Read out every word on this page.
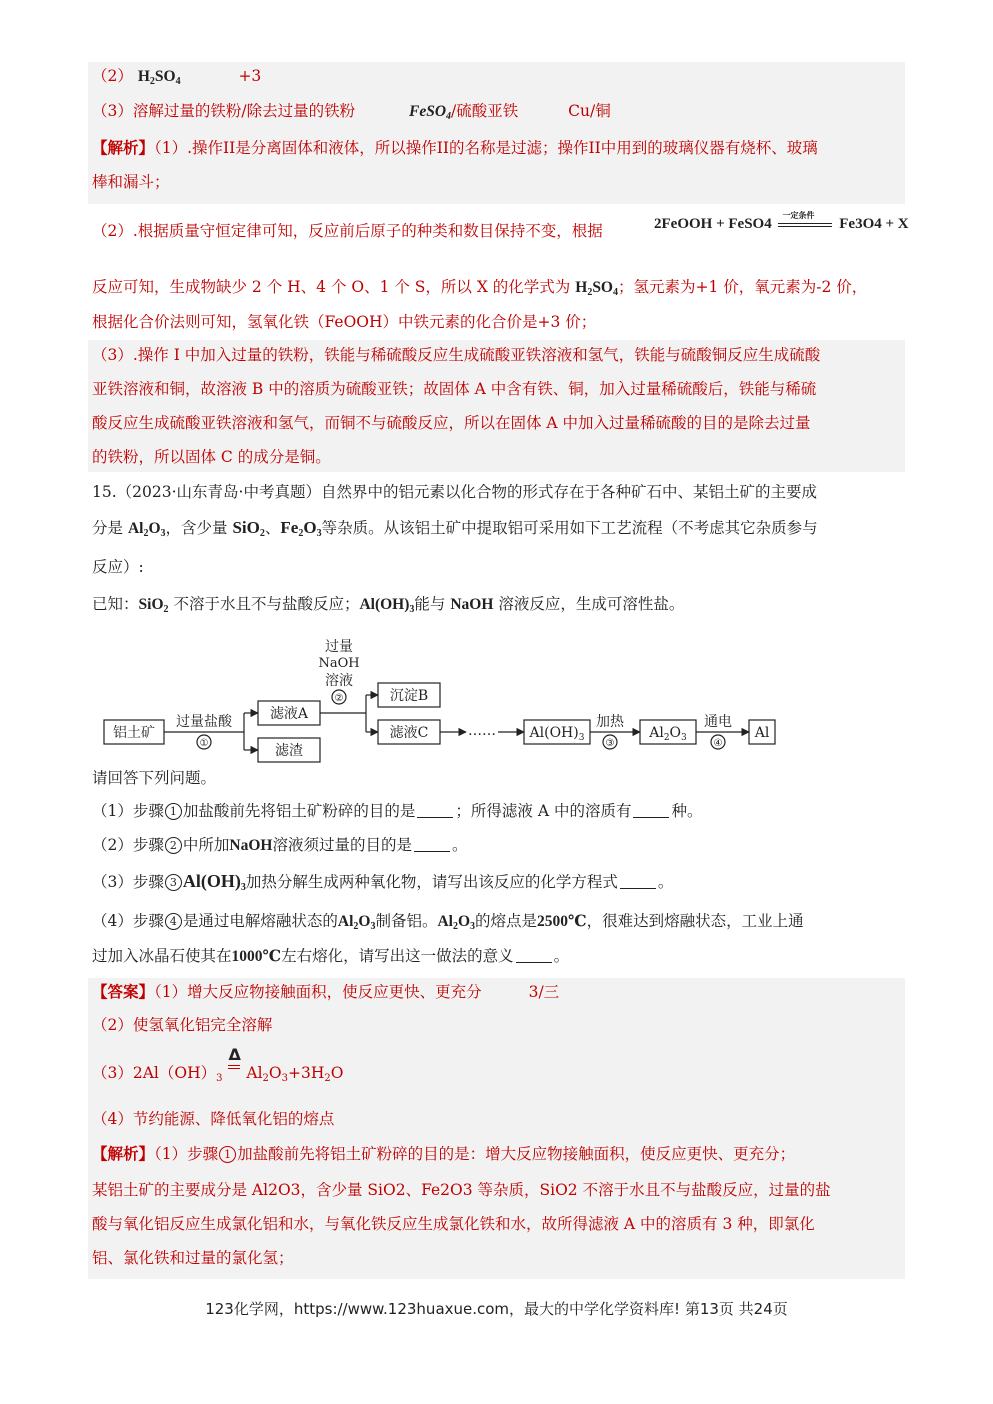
（2） $H_2SO_4$	+3
（3）溶解过量的铁粉/除去过量的铁粉	FeSO$_4$/硫酸亚铁	Cu/铜
【解析】（1）.操作II是分离固体和液体，所以操作II的名称是过滤；操作II中用到的玻璃仪器有烧杯、玻璃
棒和漏斗；
（2）.根据质量守恒定律可知，反应前后原子的种类和数目保持不变，根据	2FeOOH + FeSO4
一定条件
Fe3O4 + X
反应可知，生成物缺少 2 个 H、4 个 O、1 个 S，所以 X 的化学式为 $H_2SO_4$；氢元素为+1 价，氧元素为-2 价，
根据化合价法则可知，氢氧化铁（FeOOH）中铁元素的化合价是+3 价；
（3）.操作 I 中加入过量的铁粉，铁能与稀硫酸反应生成硫酸亚铁溶液和氢气，铁能与硫酸铜反应生成硫酸
亚铁溶液和铜，故溶液 B 中的溶质为硫酸亚铁；故固体 A 中含有铁、铜，加入过量稀硫酸后，铁能与稀硫
酸反应生成硫酸亚铁溶液和氢气，而铜不与硫酸反应，所以在固体 A 中加入过量稀硫酸的目的是除去过量
的铁粉，所以固体 C 的成分是铜。
15.（2023·山东青岛·中考真题）自然界中的铝元素以化合物的形式存在于各种矿石中、某铝土矿的主要成
分是 $Al_2O_3$，含少量 SiO$_2$、$Fe_2O_3$等杂质。从该铝土矿中提取铝可采用如下工艺流程（不考虑其它杂质参与
反应）:
已知：SiO$_2$ 不溶于水且不与盐酸反应；$Al(OH)_3$能与 NaOH 溶液反应，生成可溶性盐。
铝土矿
滤液A
滤渣
沉淀B
滤液C	…… $Al(OH)_3$	$Al_2O_3$	Al
过量盐酸
过量
NaOH
加热	通电
①
②
③	④
溶液
请回答下列问题。
（1）步骤 1 加盐酸前先将铝土矿粉碎的目的是	；所得滤液 A 中的溶质有	种。
（2）步骤 2 中所加NaOH溶液须过量的目的是	。
（3）步骤 3 $Al(OH)_3$加热分解生成两种氧化物，请写出该反应的化学方程式	。
（4）步骤 4 是通过电解熔融状态的$Al_2O_3$制备铝。$Al_2O_3$的熔点是2500℃，很难达到熔融状态，工业上通
过加入冰晶石使其在1000℃左右熔化，请写出这一做法的意义	。
【答案】（1）增大反应物接触面积，使反应更快、更充分	3/三
（2）使氢氧化铝完全溶解
$(3)2Al(OH)_3$
Δ
$Al_2O_3+3H_2O$
（4）节约能源、降低氧化铝的熔点
【解析】（1）步骤 1 加盐酸前先将铝土矿粉碎的目的是：增大反应物接触面积，使反应更快、更充分；
某铝土矿的主要成分是 Al2O3，含少量 SiO2、Fe2O3 等杂质，SiO2 不溶于水且不与盐酸反应，过量的盐
酸与氧化铝反应生成氯化铝和水，与氧化铁反应生成氯化铁和水，故所得滤液 A 中的溶质有 3 种，即氯化
铝、氯化铁和过量的氯化氢；
123化学网，https://www.123huaxue.com，最大的中学化学资料库! 第13页 共24页
